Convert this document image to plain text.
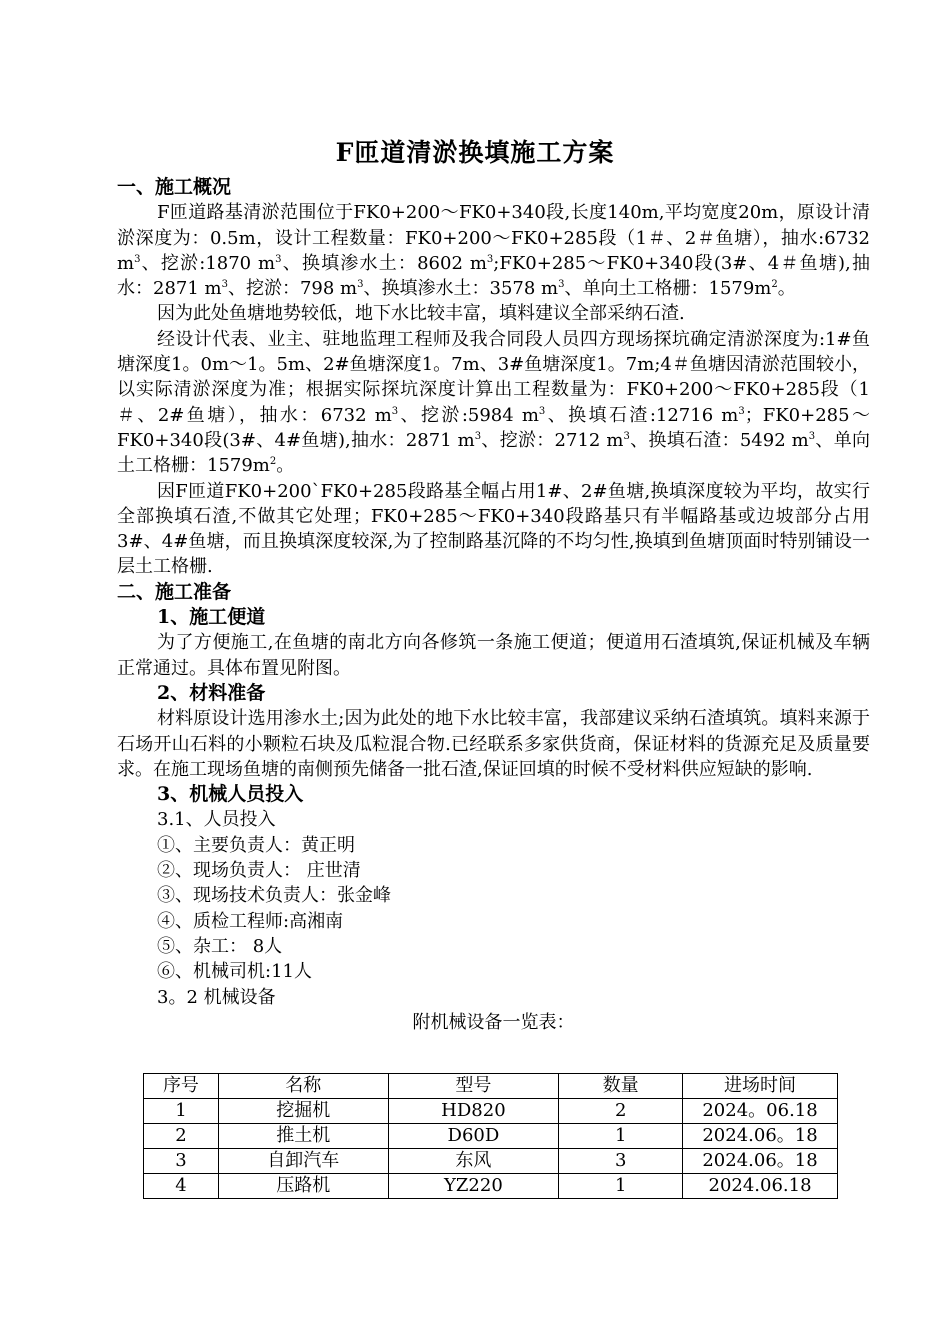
F匝道清淤换填施工方案

一、施工概况

F匝道路基清淤范围位于FK0+200～FK0+340段,长度140m,平均宽度20m，原设计清淤深度为：0.5m，设计工程数量：FK0+200～FK0+285段（1＃、2＃鱼塘），抽水:6732 $m^3$、挖淤:1870 $m^3$、换填渗水土：8602 $m^3;FK0+285\sim FK0+340$段(3#、4＃鱼塘),抽水：2871 $m^3$、挖淤：798 $m^3$、换填渗水土：3578 $m^3$、单向土工格栅：$1579m^2$。

因为此处鱼塘地势较低，地下水比较丰富，填料建议全部采纳石渣.

经设计代表、业主、驻地监理工程师及我合同段人员四方现场探坑确定清淤深度为:1#鱼塘深度1。0m～1。5m、2#鱼塘深度1。7m、3#鱼塘深度1。7m;4＃鱼塘因清淤范围较小，以实际清淤深度为准；根据实际探坑深度计算出工程数量为：FK0+200～FK0+285段（1＃、2#鱼塘），抽水：6732 $m^3$、挖淤:5984 $m^3$、换填石渣:12716 $m^3$；FK0+285～FK0+340段(3#、4#鱼塘),抽水：2871 $m^3$、挖淤：2712 $m^3$、换填石渣：5492 $m^3$、单向土工格栅：$1579m^2$。

因F匝道FK0+200`FK0+285段路基全幅占用1#、2#鱼塘,换填深度较为平均，故实行全部换填石渣,不做其它处理；FK0+285～FK0+340段路基只有半幅路基或边坡部分占用3#、4#鱼塘，而且换填深度较深,为了控制路基沉降的不均匀性,换填到鱼塘顶面时特别铺设一层土工格栅.

二、施工准备

1、施工便道

为了方便施工,在鱼塘的南北方向各修筑一条施工便道；便道用石渣填筑,保证机械及车辆正常通过。具体布置见附图。

2、材料准备

材料原设计选用渗水土;因为此处的地下水比较丰富，我部建议采纳石渣填筑。填料来源于石场开山石料的小颗粒石块及瓜粒混合物.已经联系多家供货商，保证材料的货源充足及质量要求。在施工现场鱼塘的南侧预先储备一批石渣,保证回填的时候不受材料供应短缺的影响.

3、机械人员投入

3.1、人员投入

①、主要负责人：黄正明

②、现场负责人： 庄世清

③、现场技术负责人：张金峰

④、质检工程师:高湘南

⑤、杂工： 8人

⑥、机械司机:11人

3。2 机械设备

附机械设备一览表：

序号	名称	型号	数量	进场时间
1	挖掘机	HD820	2	2024。06.18
2	推土机	D60D	1	2024.06。18
3	自卸汽车	东风	3	2024.06。18
4	压路机	YZ220	1	2024.06.18
